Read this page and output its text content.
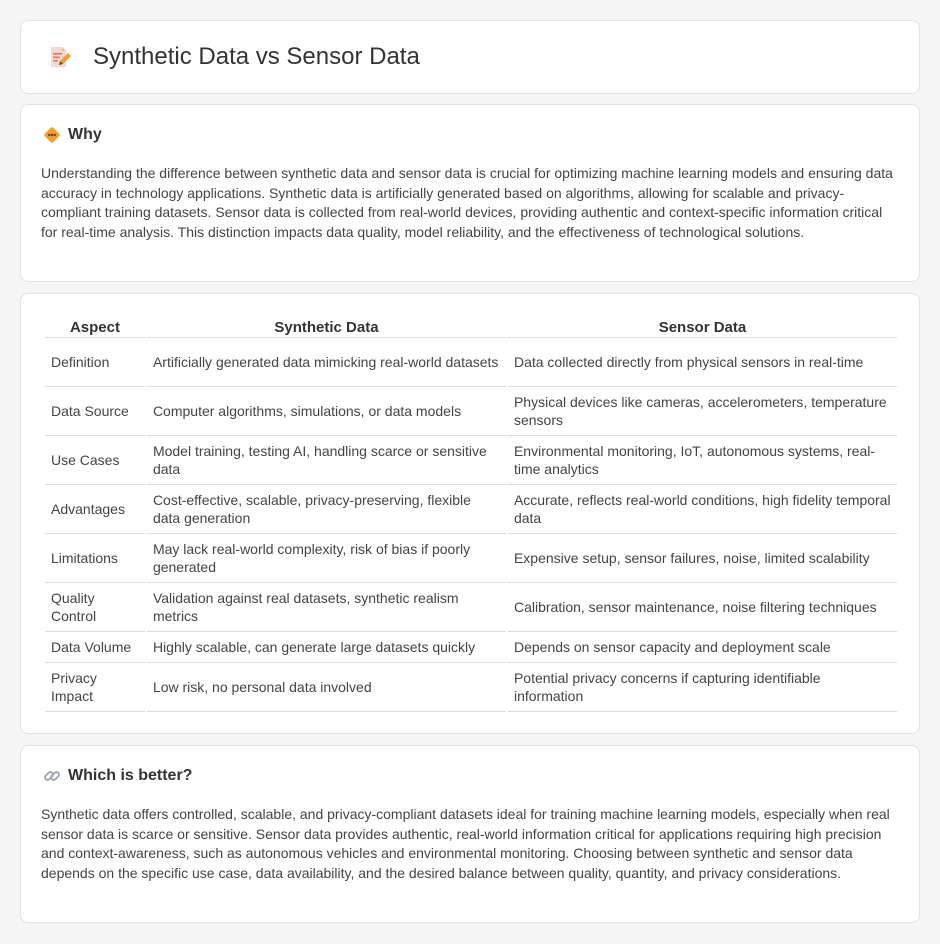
Synthetic Data vs Sensor Data
Why

Understanding the difference between synthetic data and sensor data is crucial for optimizing machine learning models and ensuring data accuracy in technology applications. Synthetic data is artificially generated based on algorithms, allowing for scalable and privacy-compliant training datasets. Sensor data is collected from real-world devices, providing authentic and context-specific information critical for real-time analysis. This distinction impacts data quality, model reliability, and the effectiveness of technological solutions.

Aspect	Synthetic Data	Sensor Data
Definition	Artificially generated data mimicking real-world datasets	Data collected directly from physical sensors in real-time
Data Source	Computer algorithms, simulations, or data models	Physical devices like cameras, accelerometers, temperature sensors
Use Cases	Model training, testing AI, handling scarce or sensitive data	Environmental monitoring, IoT, autonomous systems, real-time analytics
Advantages	Cost-effective, scalable, privacy-preserving, flexible data generation	Accurate, reflects real-world conditions, high fidelity temporal data
Limitations	May lack real-world complexity, risk of bias if poorly generated	Expensive setup, sensor failures, noise, limited scalability
Quality Control	Validation against real datasets, synthetic realism metrics	Calibration, sensor maintenance, noise filtering techniques
Data Volume	Highly scalable, can generate large datasets quickly	Depends on sensor capacity and deployment scale
Privacy Impact	Low risk, no personal data involved	Potential privacy concerns if capturing identifiable information
Which is better?

Synthetic data offers controlled, scalable, and privacy-compliant datasets ideal for training machine learning models, especially when real sensor data is scarce or sensitive. Sensor data provides authentic, real-world information critical for applications requiring high precision and context-awareness, such as autonomous vehicles and environmental monitoring. Choosing between synthetic and sensor data depends on the specific use case, data availability, and the desired balance between quality, quantity, and privacy considerations.
